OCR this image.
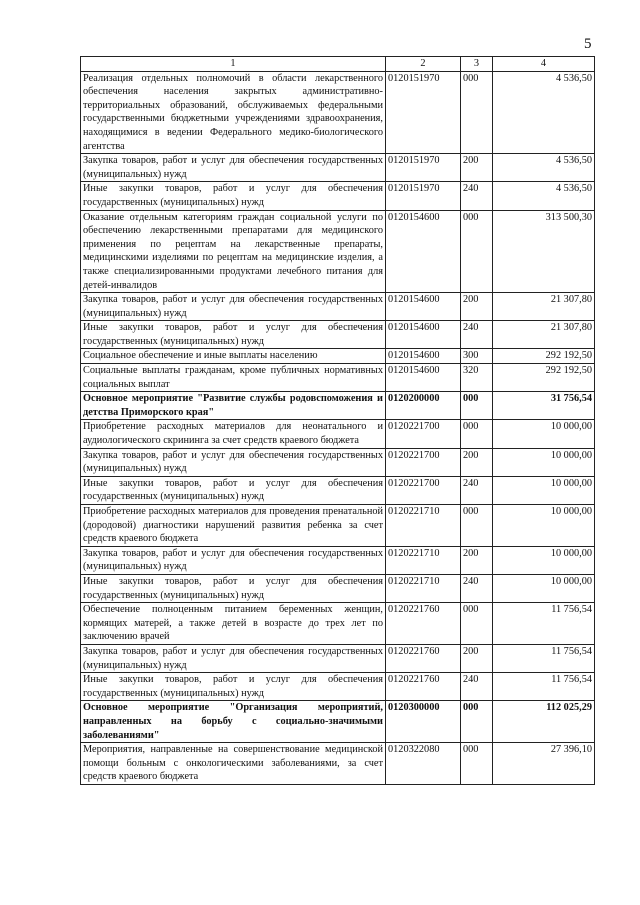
5
1	2	3	4
Реализация отдельных полномочий в области лекарственного обеспечения населения закрытых административно-территориальных образований, обслуживаемых федеральными государственными бюджетными учреждениями здравоохранения, находящимися в ведении Федерального медико-биологического агентства	0120151970	000	4 536,50
Закупка товаров, работ и услуг для обеспечения государственных (муниципальных) нужд	0120151970	200	4 536,50
Иные закупки товаров, работ и услуг для обеспечения государственных (муниципальных) нужд	0120151970	240	4 536,50
Оказание отдельным категориям граждан социальной услуги по обеспечению лекарственными препаратами для медицинского применения по рецептам на лекарственные препараты, медицинскими изделиями по рецептам на медицинские изделия, а также специализированными продуктами лечебного питания для детей-инвалидов	0120154600	000	313 500,30
Закупка товаров, работ и услуг для обеспечения государственных (муниципальных) нужд	0120154600	200	21 307,80
Иные закупки товаров, работ и услуг для обеспечения государственных (муниципальных) нужд	0120154600	240	21 307,80
Социальное обеспечение и иные выплаты населению	0120154600	300	292 192,50
Социальные выплаты гражданам, кроме публичных нормативных социальных выплат	0120154600	320	292 192,50
Основное мероприятие "Развитие службы родовспоможения и детства Приморского края"	0120200000	000	31 756,54
Приобретение расходных материалов для неонатального и аудиологического скрининга за счет средств краевого бюджета	0120221700	000	10 000,00
Закупка товаров, работ и услуг для обеспечения государственных (муниципальных) нужд	0120221700	200	10 000,00
Иные закупки товаров, работ и услуг для обеспечения государственных (муниципальных) нужд	0120221700	240	10 000,00
Приобретение расходных материалов для проведения пренатальной (дородовой) диагностики нарушений развития ребенка за счет средств краевого бюджета	0120221710	000	10 000,00
Закупка товаров, работ и услуг для обеспечения государственных (муниципальных) нужд	0120221710	200	10 000,00
Иные закупки товаров, работ и услуг для обеспечения государственных (муниципальных) нужд	0120221710	240	10 000,00
Обеспечение полноценным питанием беременных женщин, кормящих матерей, а также детей в возрасте до трех лет по заключению врачей	0120221760	000	11 756,54
Закупка товаров, работ и услуг для обеспечения государственных (муниципальных) нужд	0120221760	200	11 756,54
Иные закупки товаров, работ и услуг для обеспечения государственных (муниципальных) нужд	0120221760	240	11 756,54
Основное мероприятие "Организация мероприятий, направленных на борьбу с социально-значимыми заболеваниями"	0120300000	000	112 025,29
Мероприятия, направленные на совершенствование медицинской помощи больным с онкологическими заболеваниями, за счет средств краевого бюджета	0120322080	000	27 396,10
